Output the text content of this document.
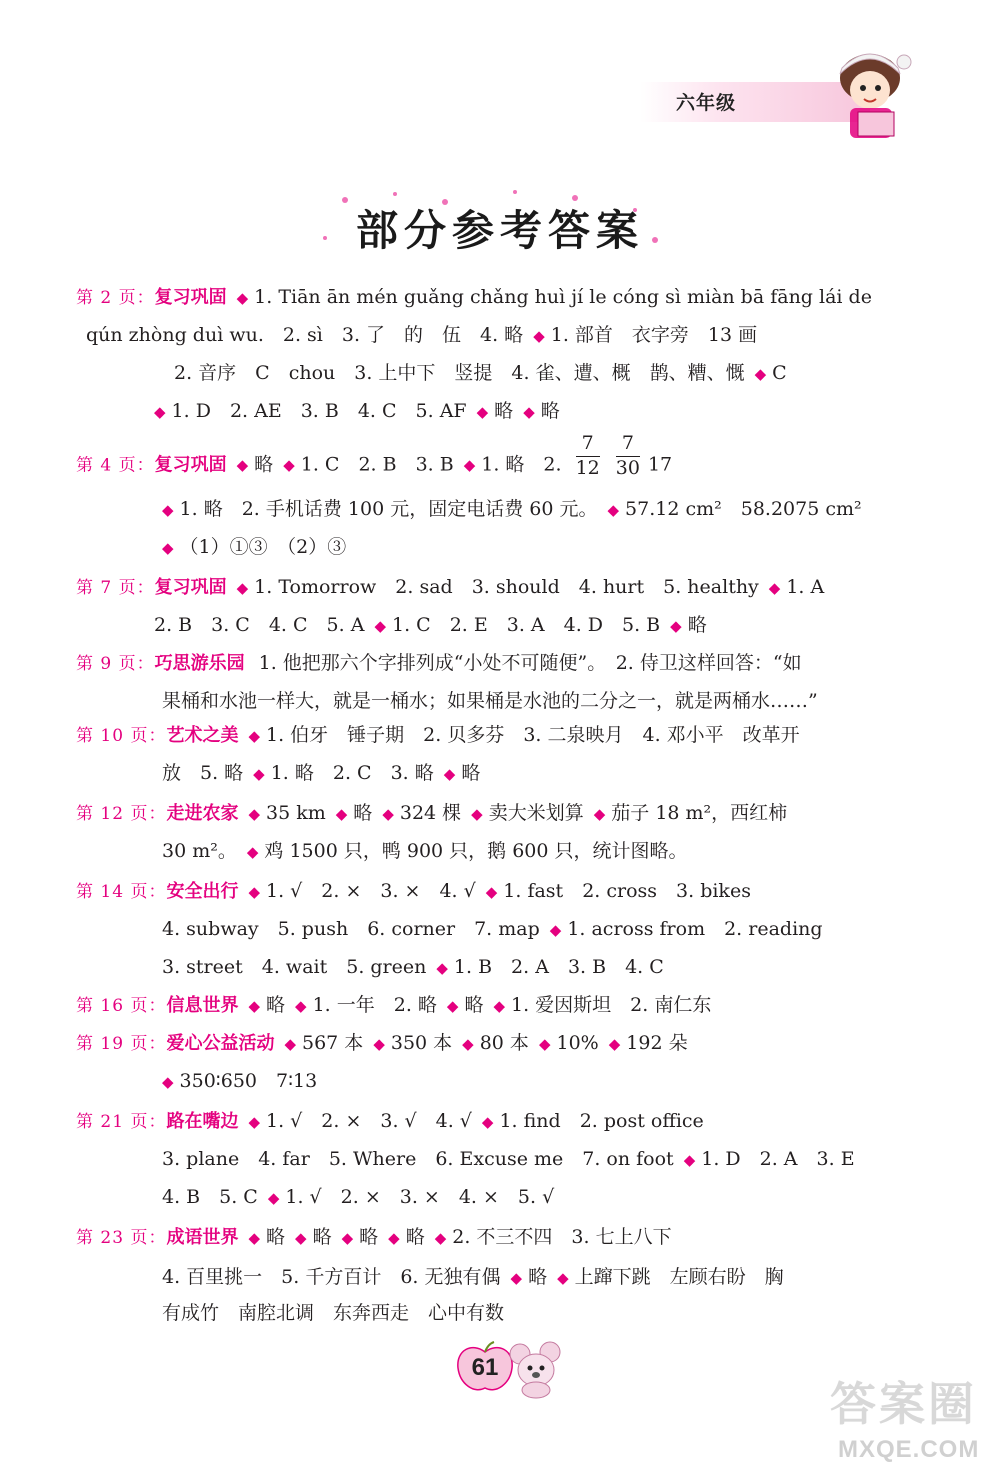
六年级
部分参考答案
第 2 页：复习巩固 ◆ 1. Tiān ān mén guǎng chǎng huì jí le cóng sì miàn bā fāng lái de
qún zhòng duì wu.　2. sì　3. 了　的　伍　4. 略 ◆ 1. 部首　衣字旁　13 画
2. 音序　C　chou　3. 上中下　竖提　4. 雀、遭、概　鹊、糟、慨 ◆ C
◆ 1. D　2. AE　3. B　4. C　5. AF ◆ 略 ◆ 略
第 4 页：复习巩固 ◆ 略 ◆ 1. C　2. B　3. B ◆ 1. 略　2. $\frac{7}{12} \frac{7}{30} 17$
◆ 1. 略　2. 手机话费 100 元，固定电话费 60 元。 ◆ 57.12 cm²　58.2075 cm²
◆ （1）①③　（2）③
第 7 页：复习巩固 ◆ 1. Tomorrow　2. sad　3. should　4. hurt　5. healthy ◆ 1. A
2. B　3. C　4. C　5. A ◆ 1. C　2. E　3. A　4. D　5. B ◆ 略
第 9 页：巧思游乐园 1. 他把那六个字排列成“小处不可随便”。　2. 侍卫这样回答：“如
果桶和水池一样大，就是一桶水；如果桶是水池的二分之一，就是两桶水……”
第 10 页：艺术之美 ◆ 1. 伯牙　锤子期　2. 贝多芬　3. 二泉映月　4. 邓小平　改革开
放　5. 略 ◆ 1. 略　2. C　3. 略 ◆ 略
第 12 页：走进农家 ◆ 35 km ◆ 略 ◆ 324 棵 ◆ 卖大米划算 ◆ 茄子 18 m²，西红柿
30 m²。 ◆ 鸡 1500 只，鸭 900 只，鹅 600 只，统计图略。
第 14 页：安全出行 ◆ 1. √　2. ×　3. ×　4. √ ◆ 1. fast　2. cross　3. bikes
4. subway　5. push　6. corner　7. map ◆ 1. across from　2. reading
3. street　4. wait　5. green ◆ 1. B　2. A　3. B　4. C
第 16 页：信息世界 ◆ 略 ◆ 1. 一年　2. 略 ◆ 略 ◆ 1. 爱因斯坦　2. 南仁东
第 19 页：爱心公益活动 ◆ 567 本 ◆ 350 本 ◆ 80 本 ◆ 10% ◆ 192 朵
◆ 350∶650　7∶13
第 21 页：路在嘴边 ◆ 1. √　2. ×　3. √　4. √ ◆ 1. find　2. post office
3. plane　4. far　5. Where　6. Excuse me　7. on foot ◆ 1. D　2. A　3. E
4. B　5. C ◆ 1. √　2. ×　3. ×　4. ×　5. √
第 23 页：成语世界 ◆ 略 ◆ 略 ◆ 略 ◆ 略 ◆ 2. 不三不四　3. 七上八下
4. 百里挑一　5. 千方百计　6. 无独有偶 ◆ 略 ◆ 上蹿下跳　左顾右盼　胸
有成竹　南腔北调　东奔西走　心中有数
61
答案圈
MXQE.COM
